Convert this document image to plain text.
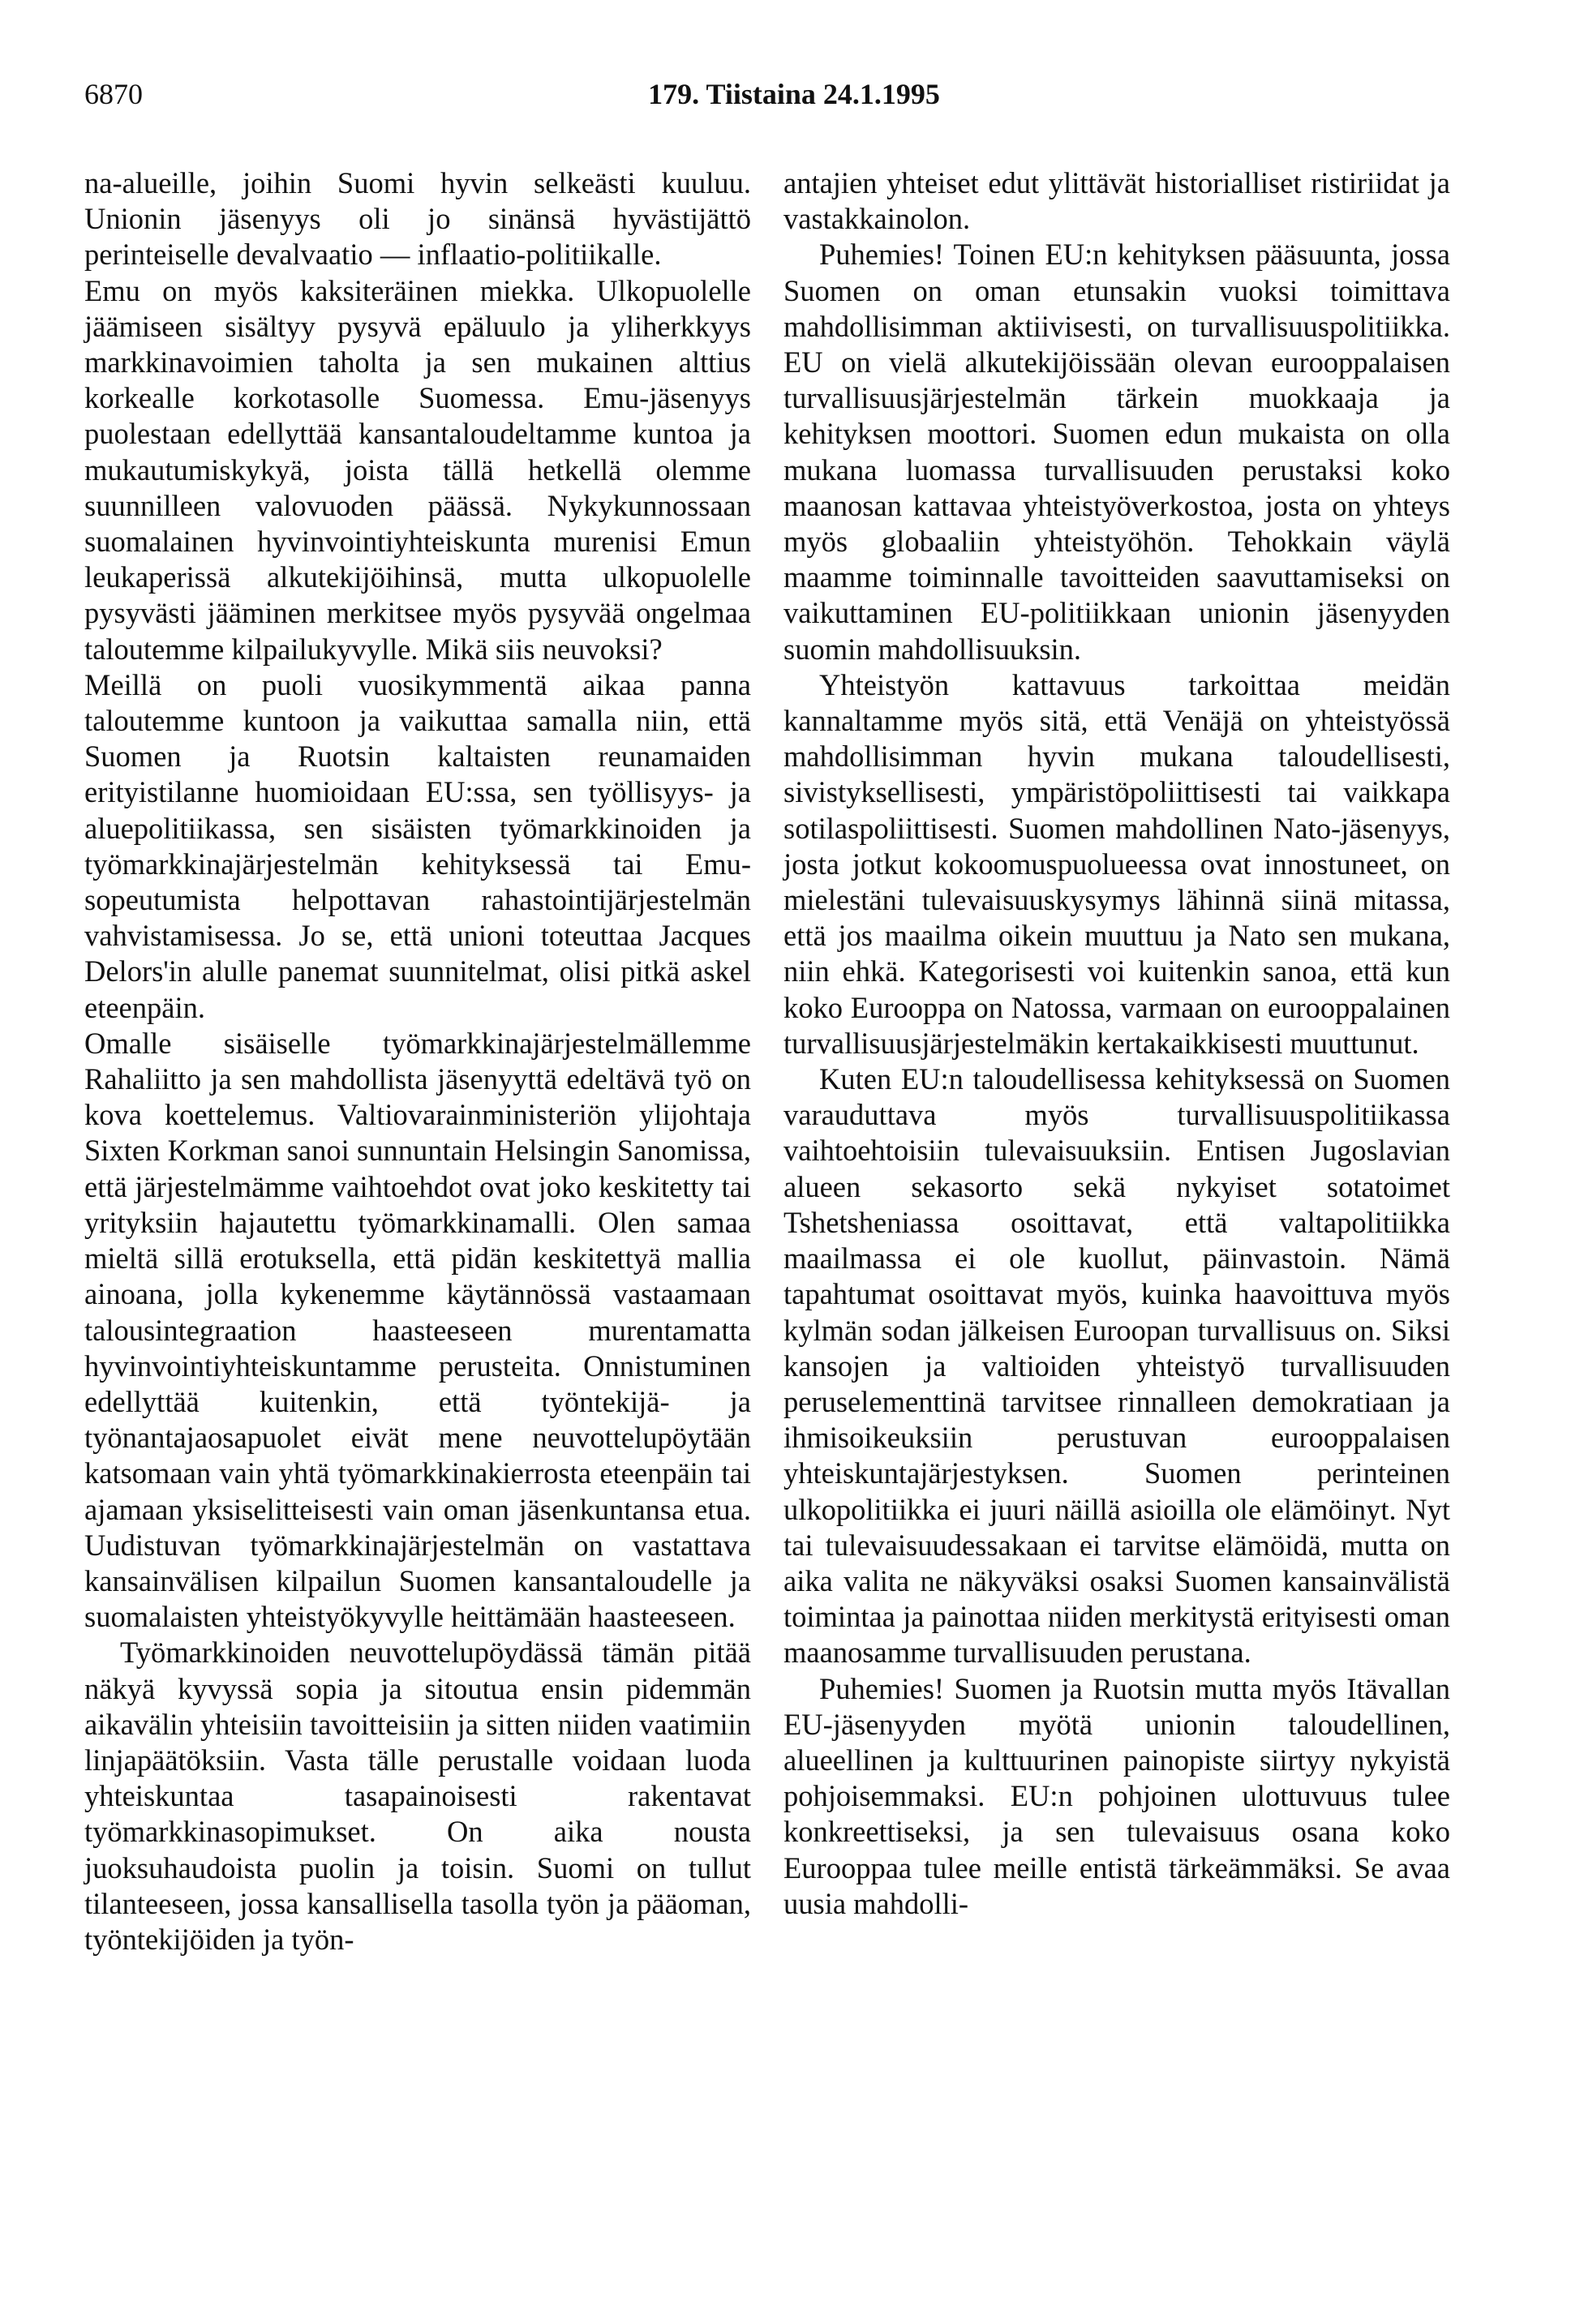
6870	179. Tiistaina 24.1.1995

na-alueille, joihin Suomi hyvin selkeästi kuuluu. Unionin jäsenyys oli jo sinänsä hyvästijättö perinteiselle devalvaatio — inflaatio-politiikalle.

Emu on myös kaksiteräinen miekka. Ulkopuolelle jäämiseen sisältyy pysyvä epäluulo ja yliherkkyys markkinavoimien taholta ja sen mukainen alttius korkealle korkotasolle Suomessa. Emu-jäsenyys puolestaan edellyttää kansantaloudeltamme kuntoa ja mukautumiskykyä, joista tällä hetkellä olemme suunnilleen valovuoden päässä. Nykykunnossaan suomalainen hyvinvointiyhteiskunta murenisi Emun leukaperissä alkutekijöihinsä, mutta ulkopuolelle pysyvästi jääminen merkitsee myös pysyvää ongelmaa taloutemme kilpailukyvylle. Mikä siis neuvoksi?

Meillä on puoli vuosikymmentä aikaa panna taloutemme kuntoon ja vaikuttaa samalla niin, että Suomen ja Ruotsin kaltaisten reunamaiden erityistilanne huomioidaan EU:ssa, sen työllisyys- ja aluepolitiikassa, sen sisäisten työmarkkinoiden ja työmarkkinajärjestelmän kehityksessä tai Emu-sopeutumista helpottavan rahastointijärjestelmän vahvistamisessa. Jo se, että unioni toteuttaa Jacques Delors'in alulle panemat suunnitelmat, olisi pitkä askel eteenpäin.

Omalle sisäiselle työmarkkinajärjestelmällemme Rahaliitto ja sen mahdollista jäsenyyttä edeltävä työ on kova koettelemus. Valtiovarainministeriön ylijohtaja Sixten Korkman sanoi sunnuntain Helsingin Sanomissa, että järjestelmämme vaihtoehdot ovat joko keskitetty tai yrityksiin hajautettu työmarkkinamalli. Olen samaa mieltä sillä erotuksella, että pidän keskitettyä mallia ainoana, jolla kykenemme käytännössä vastaamaan talousintegraation haasteeseen murentamatta hyvinvointiyhteiskuntamme perusteita. Onnistuminen edellyttää kuitenkin, että työntekijä- ja työnantajaosapuolet eivät mene neuvottelupöytään katsomaan vain yhtä työmarkkinakierrosta eteenpäin tai ajamaan yksiselitteisesti vain oman jäsenkuntansa etua. Uudistuvan työmarkkinajärjestelmän on vastattava kansainvälisen kilpailun Suomen kansantaloudelle ja suomalaisten yhteistyökyvylle heittämään haasteeseen.

Työmarkkinoiden neuvottelupöydässä tämän pitää näkyä kyvyssä sopia ja sitoutua ensin pidemmän aikavälin yhteisiin tavoitteisiin ja sitten niiden vaatimiin linjapäätöksiin. Vasta tälle perustalle voidaan luoda yhteiskuntaa tasapainoisesti rakentavat työmarkkinasopimukset. On aika nousta juoksuhaudoista puolin ja toisin. Suomi on tullut tilanteeseen, jossa kansallisella tasolla työn ja pääoman, työntekijöiden ja työn-

antajien yhteiset edut ylittävät historialliset ristiriidat ja vastakkainolon.

Puhemies! Toinen EU:n kehityksen pääsuunta, jossa Suomen on oman etunsakin vuoksi toimittava mahdollisimman aktiivisesti, on turvallisuuspolitiikka. EU on vielä alkutekijöissään olevan eurooppalaisen turvallisuusjärjestelmän tärkein muokkaaja ja kehityksen moottori. Suomen edun mukaista on olla mukana luomassa turvallisuuden perustaksi koko maanosan kattavaa yhteistyöverkostoa, josta on yhteys myös globaaliin yhteistyöhön. Tehokkain väylä maamme toiminnalle tavoitteiden saavuttamiseksi on vaikuttaminen EU-politiikkaan unionin jäsenyyden suomin mahdollisuuksin.

Yhteistyön kattavuus tarkoittaa meidän kannaltamme myös sitä, että Venäjä on yhteistyössä mahdollisimman hyvin mukana taloudellisesti, sivistyksellisesti, ympäristöpoliittisesti tai vaikkapa sotilaspoliittisesti. Suomen mahdollinen Nato-jäsenyys, josta jotkut kokoomuspuolueessa ovat innostuneet, on mielestäni tulevaisuuskysymys lähinnä siinä mitassa, että jos maailma oikein muuttuu ja Nato sen mukana, niin ehkä. Kategorisesti voi kuitenkin sanoa, että kun koko Eurooppa on Natossa, varmaan on eurooppalainen turvallisuusjärjestelmäkin kertakaikkisesti muuttunut.

Kuten EU:n taloudellisessa kehityksessä on Suomen varauduttava myös turvallisuuspolitiikassa vaihtoehtoisiin tulevaisuuksiin. Entisen Jugoslavian alueen sekasorto sekä nykyiset sotatoimet Tshetsheniassa osoittavat, että valtapolitiikka maailmassa ei ole kuollut, päinvastoin. Nämä tapahtumat osoittavat myös, kuinka haavoittuva myös kylmän sodan jälkeisen Euroopan turvallisuus on. Siksi kansojen ja valtioiden yhteistyö turvallisuuden peruselementtinä tarvitsee rinnalleen demokratiaan ja ihmisoikeuksiin perustuvan eurooppalaisen yhteiskuntajärjestyksen. Suomen perinteinen ulkopolitiikka ei juuri näillä asioilla ole elämöinyt. Nyt tai tulevaisuudessakaan ei tarvitse elämöidä, mutta on aika valita ne näkyväksi osaksi Suomen kansainvälistä toimintaa ja painottaa niiden merkitystä erityisesti oman maanosamme turvallisuuden perustana.

Puhemies! Suomen ja Ruotsin mutta myös Itävallan EU-jäsenyyden myötä unionin taloudellinen, alueellinen ja kulttuurinen painopiste siirtyy nykyistä pohjoisemmaksi. EU:n pohjoinen ulottuvuus tulee konkreettiseksi, ja sen tulevaisuus osana koko Eurooppaa tulee meille entistä tärkeämmäksi. Se avaa uusia mahdolli-
